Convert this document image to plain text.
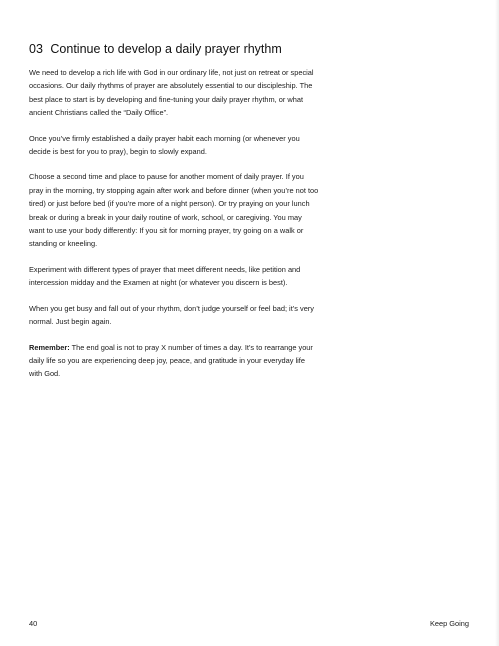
03 Continue to develop a daily prayer rhythm

We need to develop a rich life with God in our ordinary life, not just on retreat or special occasions. Our daily rhythms of prayer are absolutely essential to our discipleship. The best place to start is by developing and fine-tuning your daily prayer rhythm, or what ancient Christians called the “Daily Office”.

Once you’ve firmly established a daily prayer habit each morning (or whenever you decide is best for you to pray), begin to slowly expand.

Choose a second time and place to pause for another moment of daily prayer. If you pray in the morning, try stopping again after work and before dinner (when you’re not too tired) or just before bed (if you’re more of a night person). Or try praying on your lunch break or during a break in your daily routine of work, school, or caregiving. You may want to use your body differently: If you sit for morning prayer, try going on a walk or standing or kneeling.

Experiment with different types of prayer that meet different needs, like petition and intercession midday and the Examen at night (or whatever you discern is best).

When you get busy and fall out of your rhythm, don’t judge yourself or feel bad; it’s very normal. Just begin again.

Remember: The end goal is not to pray X number of times a day. It’s to rearrange your daily life so you are experiencing deep joy, peace, and gratitude in your everyday life with God.

40	Keep Going
